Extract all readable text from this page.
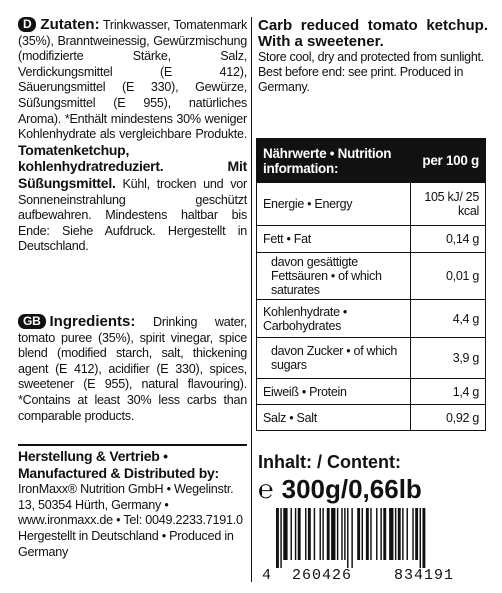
D Zutaten: Trinkwasser, Tomatenmark (35%), Branntweinessig, Gewürzmischung (modifizierte Stärke, Salz, Verdickungsmittel (E 412), Säuerungsmittel (E 330), Gewürze, Süßungsmittel (E 955), natürliches Aroma). *Enthält mindestens 30% weniger Kohlenhydrate als vergleichbare Produkte. Tomatenketchup, kohlenhydratreduziert. Mit Süßungsmittel. Kühl, trocken und vor Sonneneinstrahlung geschützt aufbewahren. Mindestens haltbar bis Ende: Siehe Aufdruck. Hergestellt in Deutschland.
GB Ingredients: Drinking water, tomato puree (35%), spirit vinegar, spice blend (modified starch, salt, thickening agent (E 412), acidifier (E 330), spices, sweetener (E 955), natural flavouring). *Contains at least 30% less carbs than comparable products.
Herstellung & Vertrieb • Manufactured & Distributed by: IronMaxx® Nutrition GmbH • Wegelinstr. 13, 50354 Hürth, Germany • www.ironmaxx.de • Tel: 0049.2233.7191.0 Hergestellt in Deutschland • Produced in Germany
Carb reduced tomato ketchup. With a sweetener.
Store cool, dry and protected from sunlight. Best before end: see print. Produced in Germany.
Nährwerte • Nutrition information:	per 100 g
Energie • Energy	105 kJ/ 25 kcal
Fett • Fat	0,14 g
davon gesättigte Fettsäuren • of which saturates	0,01 g
Kohlenhydrate • Carbohydrates	4,4 g
davon Zucker • of which sugars	3,9 g
Eiweiß • Protein	1,4 g
Salz • Salt	0,92 g
Inhalt: / Content:
℮ 300g/0,66lb
4 260426	834191
